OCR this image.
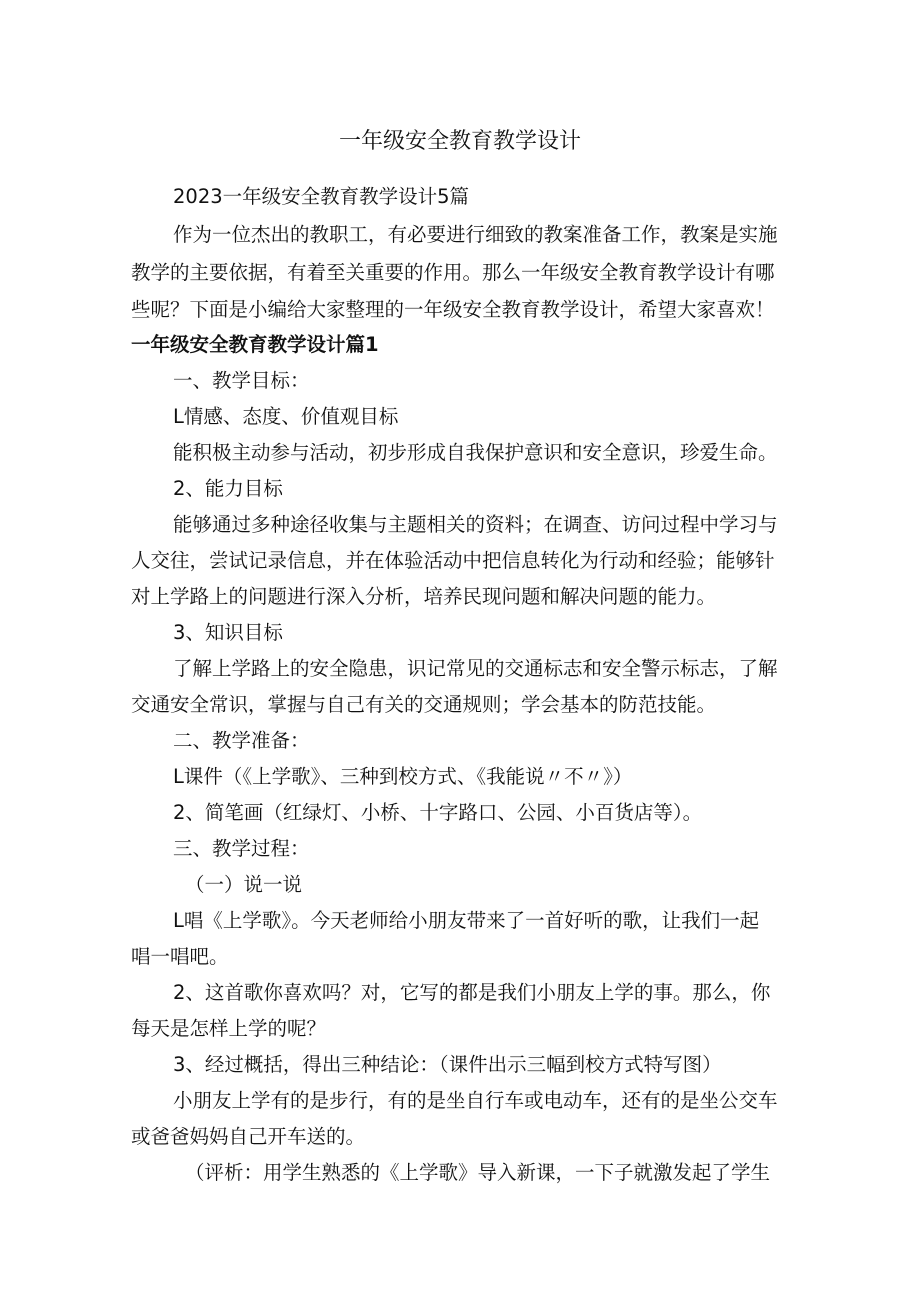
一年级安全教育教学设计

2023一年级安全教育教学设计5篇

作为一位杰出的教职工，有必要进行细致的教案准备工作，教案是实施

教学的主要依据，有着至关重要的作用。那么一年级安全教育教学设计有哪

些呢？下面是小编给大家整理的一年级安全教育教学设计，希望大家喜欢！

一年级安全教育教学设计篇1

一、教学目标：

L情感、态度、价值观目标

能积极主动参与活动，初步形成自我保护意识和安全意识，珍爱生命。

2、能力目标

能够通过多种途径收集与主题相关的资料；在调查、访问过程中学习与

人交往，尝试记录信息，并在体验活动中把信息转化为行动和经验；能够针

对上学路上的问题进行深入分析，培养民现问题和解决问题的能力。

3、知识目标

了解上学路上的安全隐患，识记常见的交通标志和安全警示标志，了解

交通安全常识，掌握与自己有关的交通规则；学会基本的防范技能。

二、教学准备：

L课件（《上学歌》、三种到校方式、《我能说〃不〃》）

2、简笔画（红绿灯、小桥、十字路口、公园、小百货店等）。

三、教学过程：

（一）说一说

L唱《上学歌》。今天老师给小朋友带来了一首好听的歌，让我们一起

唱一唱吧。

2、这首歌你喜欢吗？对，它写的都是我们小朋友上学的事。那么，你

每天是怎样上学的呢？

3、经过概括，得出三种结论：（课件出示三幅到校方式特写图）

小朋友上学有的是步行，有的是坐自行车或电动车，还有的是坐公交车

或爸爸妈妈自己开车送的。

（评析：用学生熟悉的《上学歌》导入新课，一下子就激发起了学生
